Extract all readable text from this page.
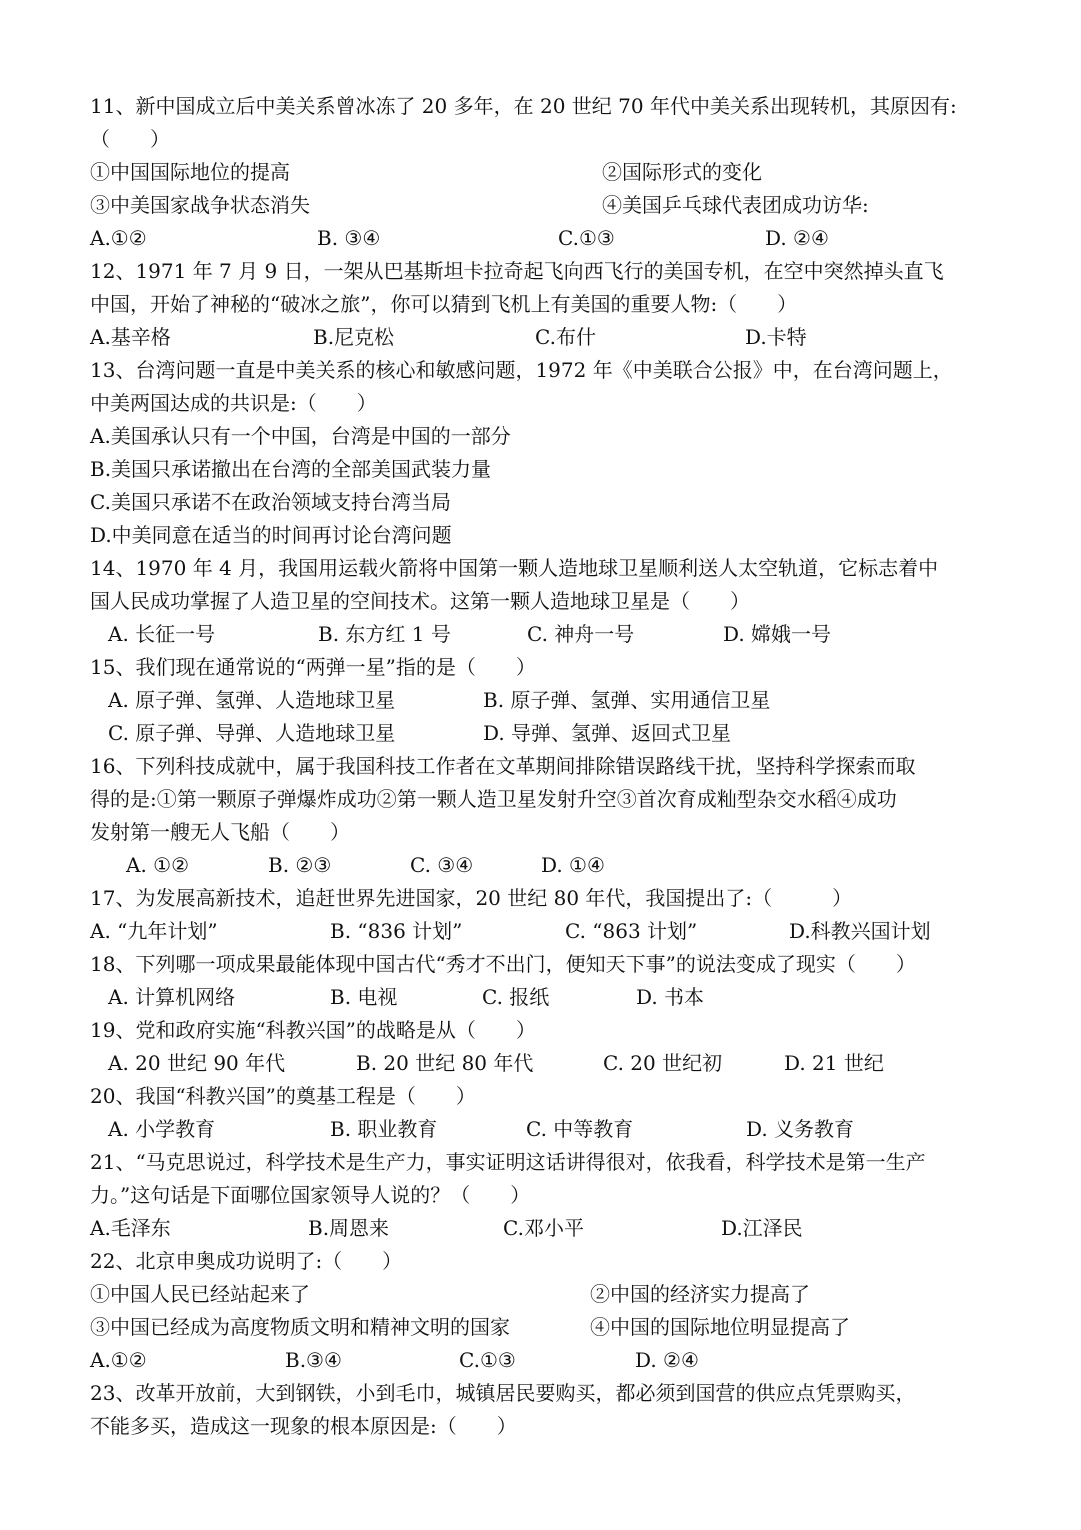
11、新中国成立后中美关系曾冰冻了 20 多年，在 20 世纪 70 年代中美关系出现转机，其原因有:
（　　）
①中国国际地位的提高	②国际形式的变化
③中美国家战争状态消失	④美国乒乓球代表团成功访华:
A.①②	B. ③④	C.①③	D. ②④
12、1971 年 7 月 9 日，一架从巴基斯坦卡拉奇起飞向西飞行的美国专机，在空中突然掉头直飞
中国，开始了神秘的“破冰之旅”，你可以猜到飞机上有美国的重要人物:（　　）
A.基辛格	B.尼克松	C.布什	D.卡特
13、台湾问题一直是中美关系的核心和敏感问题，1972 年《中美联合公报》中，在台湾问题上，
中美两国达成的共识是:（　　）
A.美国承认只有一个中国，台湾是中国的一部分
B.美国只承诺撤出在台湾的全部美国武装力量
C.美国只承诺不在政治领域支持台湾当局
D.中美同意在适当的时间再讨论台湾问题
14、1970 年 4 月，我国用运载火箭将中国第一颗人造地球卫星顺利送人太空轨道，它标志着中
国人民成功掌握了人造卫星的空间技术。这第一颗人造地球卫星是（　　）
A. 长征一号	B. 东方红 1 号	C. 神舟一号	D. 嫦娥一号
15、我们现在通常说的“两弹一星”指的是（　　）
A. 原子弹、氢弹、人造地球卫星	B. 原子弹、氢弹、实用通信卫星
C. 原子弹、导弹、人造地球卫星	D. 导弹、氢弹、返回式卫星
16、下列科技成就中，属于我国科技工作者在文革期间排除错误路线干扰，坚持科学探索而取
得的是:①第一颗原子弹爆炸成功②第一颗人造卫星发射升空③首次育成籼型杂交水稻④成功
发射第一艘无人飞船（　　）
A. ①②	B. ②③	C. ③④	D. ①④
17、为发展高新技术，追赶世界先进国家，20 世纪 80 年代，我国提出了:（　　　）
A. “九年计划”	B. “836 计划”	C. “863 计划”	D.科教兴国计划
18、下列哪一项成果最能体现中国古代“秀才不出门，便知天下事”的说法变成了现实（　　）
A. 计算机网络	B. 电视	C. 报纸	D. 书本
19、党和政府实施“科教兴国”的战略是从（　　）
A. 20 世纪 90 年代	B. 20 世纪 80 年代	C. 20 世纪初	D. 21 世纪
20、我国“科教兴国”的奠基工程是（　　）
A. 小学教育	B. 职业教育	C. 中等教育	D. 义务教育
21、“马克思说过，科学技术是生产力，事实证明这话讲得很对，依我看，科学技术是第一生产
力。”这句话是下面哪位国家领导人说的？（　　）
A.毛泽东	B.周恩来	C.邓小平	D.江泽民
22、北京申奥成功说明了:（　　）
①中国人民已经站起来了	②中国的经济实力提高了
③中国已经成为高度物质文明和精神文明的国家	④中国的国际地位明显提高了
A.①②	B.③④	C.①③	D. ②④
23、改革开放前，大到钢铁，小到毛巾，城镇居民要购买，都必须到国营的供应点凭票购买，
不能多买，造成这一现象的根本原因是:（　　）
